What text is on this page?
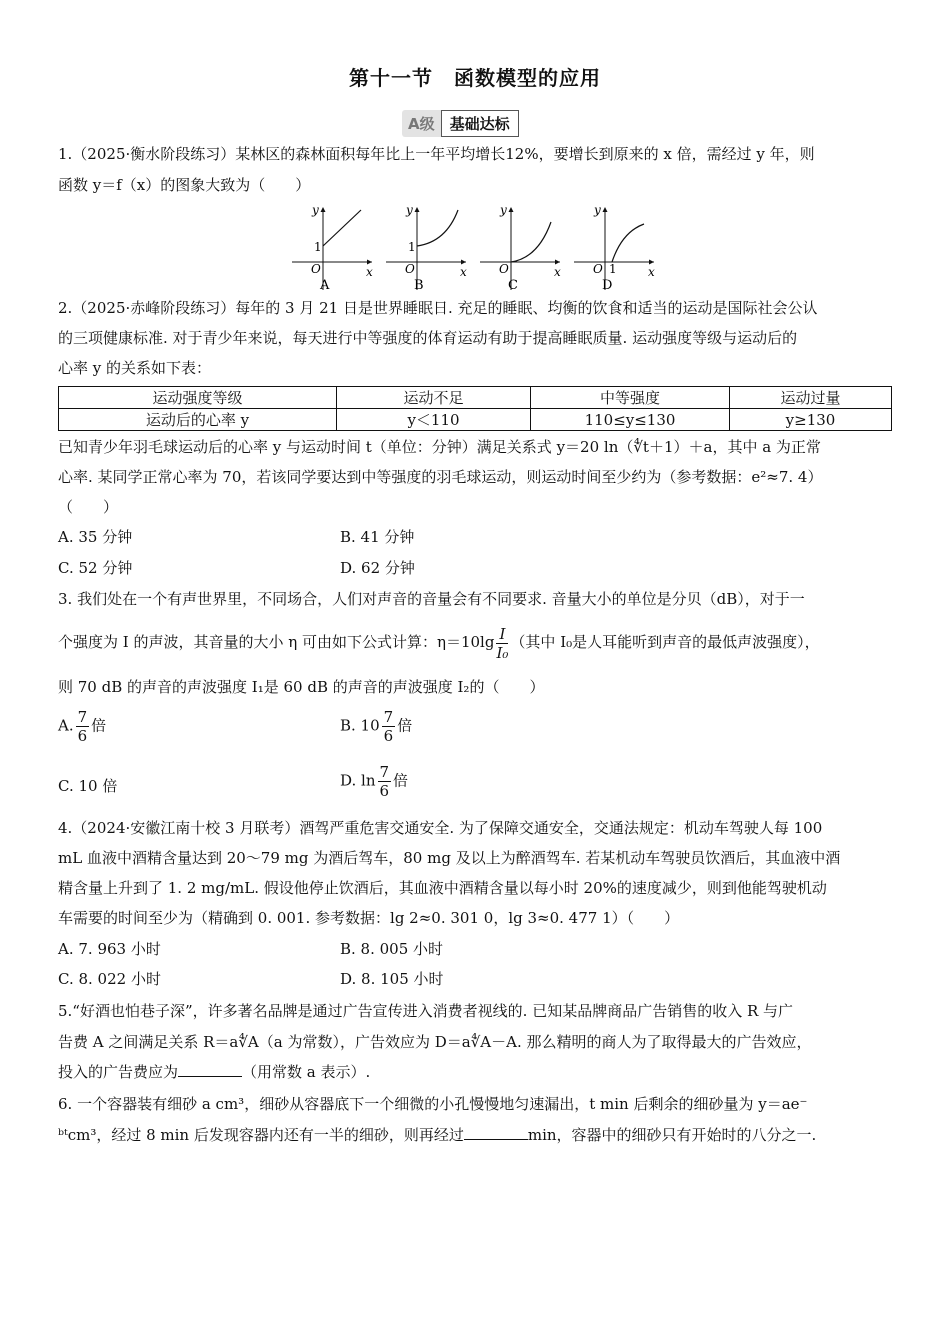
第十一节　函数模型的应用
A级	基础达标
1.（2025·衡水阶段练习）某林区的森林面积每年比上一年平均增长12%，要增长到原来的 x 倍，需经过 y 年，则
函数 y＝f（x）的图象大致为（　　）
y
x
O
1
A
y
x
O
1
B
y
x
O
C
y
x
O 1
D
2.（2025·赤峰阶段练习）每年的 3 月 21 日是世界睡眠日. 充足的睡眠、均衡的饮食和适当的运动是国际社会公认
的三项健康标准. 对于青少年来说，每天进行中等强度的体育运动有助于提高睡眠质量. 运动强度等级与运动后的
心率 y 的关系如下表：
运动强度等级	运动不足	中等强度	运动过量
运动后的心率 y	y＜110	110≤y≤130	y≥130
已知青少年羽毛球运动后的心率 y 与运动时间 t（单位：分钟）满足关系式 y＝20 ln（∜t＋1）＋a，其中 a 为正常
心率. 某同学正常心率为 70，若该同学要达到中等强度的羽毛球运动，则运动时间至少约为（参考数据：e²≈7. 4）
（　　）
A. 35 分钟	B. 41 分钟
C. 52 分钟	D. 62 分钟
3. 我们处在一个有声世界里，不同场合，人们对声音的音量会有不同要求. 音量大小的单位是分贝（dB），对于一
个强度为 I 的声波，其音量的大小 η 可由如下公式计算：$\eta=10\lg \frac{I}{\text{I₀}}$ （其中 I₀是人耳能听到声音的最低声波强度），
则 70 dB 的声音的声波强度 I₁是 60 dB 的声音的声波强度 I₂的（　　）
A. $\frac{7}{6}$ 倍	B. $10 \frac{7}{6}$ 倍
C. 10 倍	D. $\ln \frac{7}{6}$ 倍
4.（2024·安徽江南十校 3 月联考）酒驾严重危害交通安全. 为了保障交通安全，交通法规定：机动车驾驶人每 100
mL 血液中酒精含量达到 20～79 mg 为酒后驾车，80 mg 及以上为醉酒驾车. 若某机动车驾驶员饮酒后，其血液中酒
精含量上升到了 1. 2 mg/mL. 假设他停止饮酒后，其血液中酒精含量以每小时 20%的速度减少，则到他能驾驶机动
车需要的时间至少为（精确到 0. 001. 参考数据：lg 2≈0. 301 0，lg 3≈0. 477 1）（　　）
A. 7. 963 小时	B. 8. 005 小时
C. 8. 022 小时	D. 8. 105 小时
5.“好酒也怕巷子深”，许多著名品牌是通过广告宣传进入消费者视线的. 已知某品牌商品广告销售的收入 R 与广
告费 A 之间满足关系 R＝a∜A（a 为常数），广告效应为 D＝a∜A－A. 那么精明的商人为了取得最大的广告效应，
投入的广告费应为	（用常数 a 表示）.
6. 一个容器装有细砂 a cm³，细砂从容器底下一个细微的小孔慢慢地匀速漏出，t min 后剩余的细砂量为 y＝ae⁻
ᵇᵗcm³，经过 8 min 后发现容器内还有一半的细砂，则再经过	min，容器中的细砂只有开始时的八分之一.
